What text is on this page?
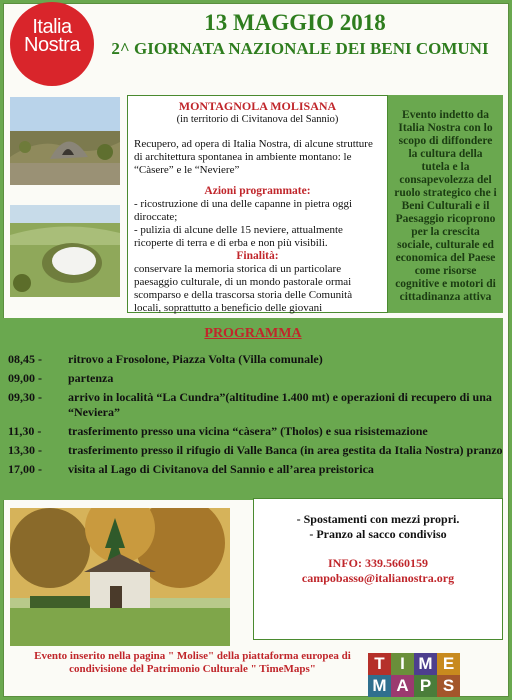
Italia
Nostra
13 MAGGIO 2018
2^ GIORNATA NAZIONALE DEI BENI COMUNI
MONTAGNOLA MOLISANA
(in territorio di Civitanova del Sannio)

Recupero, ad opera di Italia Nostra, di alcune strutture di architettura spontanea in ambiente montano: le “Càsere” e le “Neviere”

Azioni programmate:

- ricostruzione di una delle capanne in pietra oggi diroccate;

- pulizia di alcune delle 15 neviere, attualmente ricoperte di terra e di erba e non più visibili.

Finalità:

conservare la memoria storica di un particolare paesaggio culturale, di un mondo pastorale ormai scomparso e della trascorsa storia delle Comunità locali, soprattutto a beneficio delle giovani

Evento indetto da Italia Nostra con lo scopo di diffondere la cultura della tutela e la consapevolezza del ruolo strategico che i Beni Culturali e il Paesaggio ricoprono per la crescita sociale, culturale ed economica del Paese come risorse cognitive e motori di cittadinanza attiva
PROGRAMMA
08,45 -	ritrovo a Frosolone, Piazza Volta (Villa comunale)
09,00 -	partenza
09,30 -	arrivo in località “La Cundra”(altitudine 1.400 mt) e operazioni di recupero di una “Neviera”
11,30 -	trasferimento presso una vicina “càsera” (Tholos) e sua risistemazione
13,30 -	trasferimento presso il rifugio di Valle Banca (in area gestita da Italia Nostra) pranzo
17,00 -	visita al Lago di Civitanova del Sannio e all’area preistorica
- Spostamenti con mezzi propri.
- Pranzo al sacco condiviso
INFO: 339.5660159
campobasso@italianostra.org
Evento inserito nella pagina " Molise" della piattaforma europea di condivisione del Patrimonio Culturale " TimeMaps"	T I M E
M A P S
